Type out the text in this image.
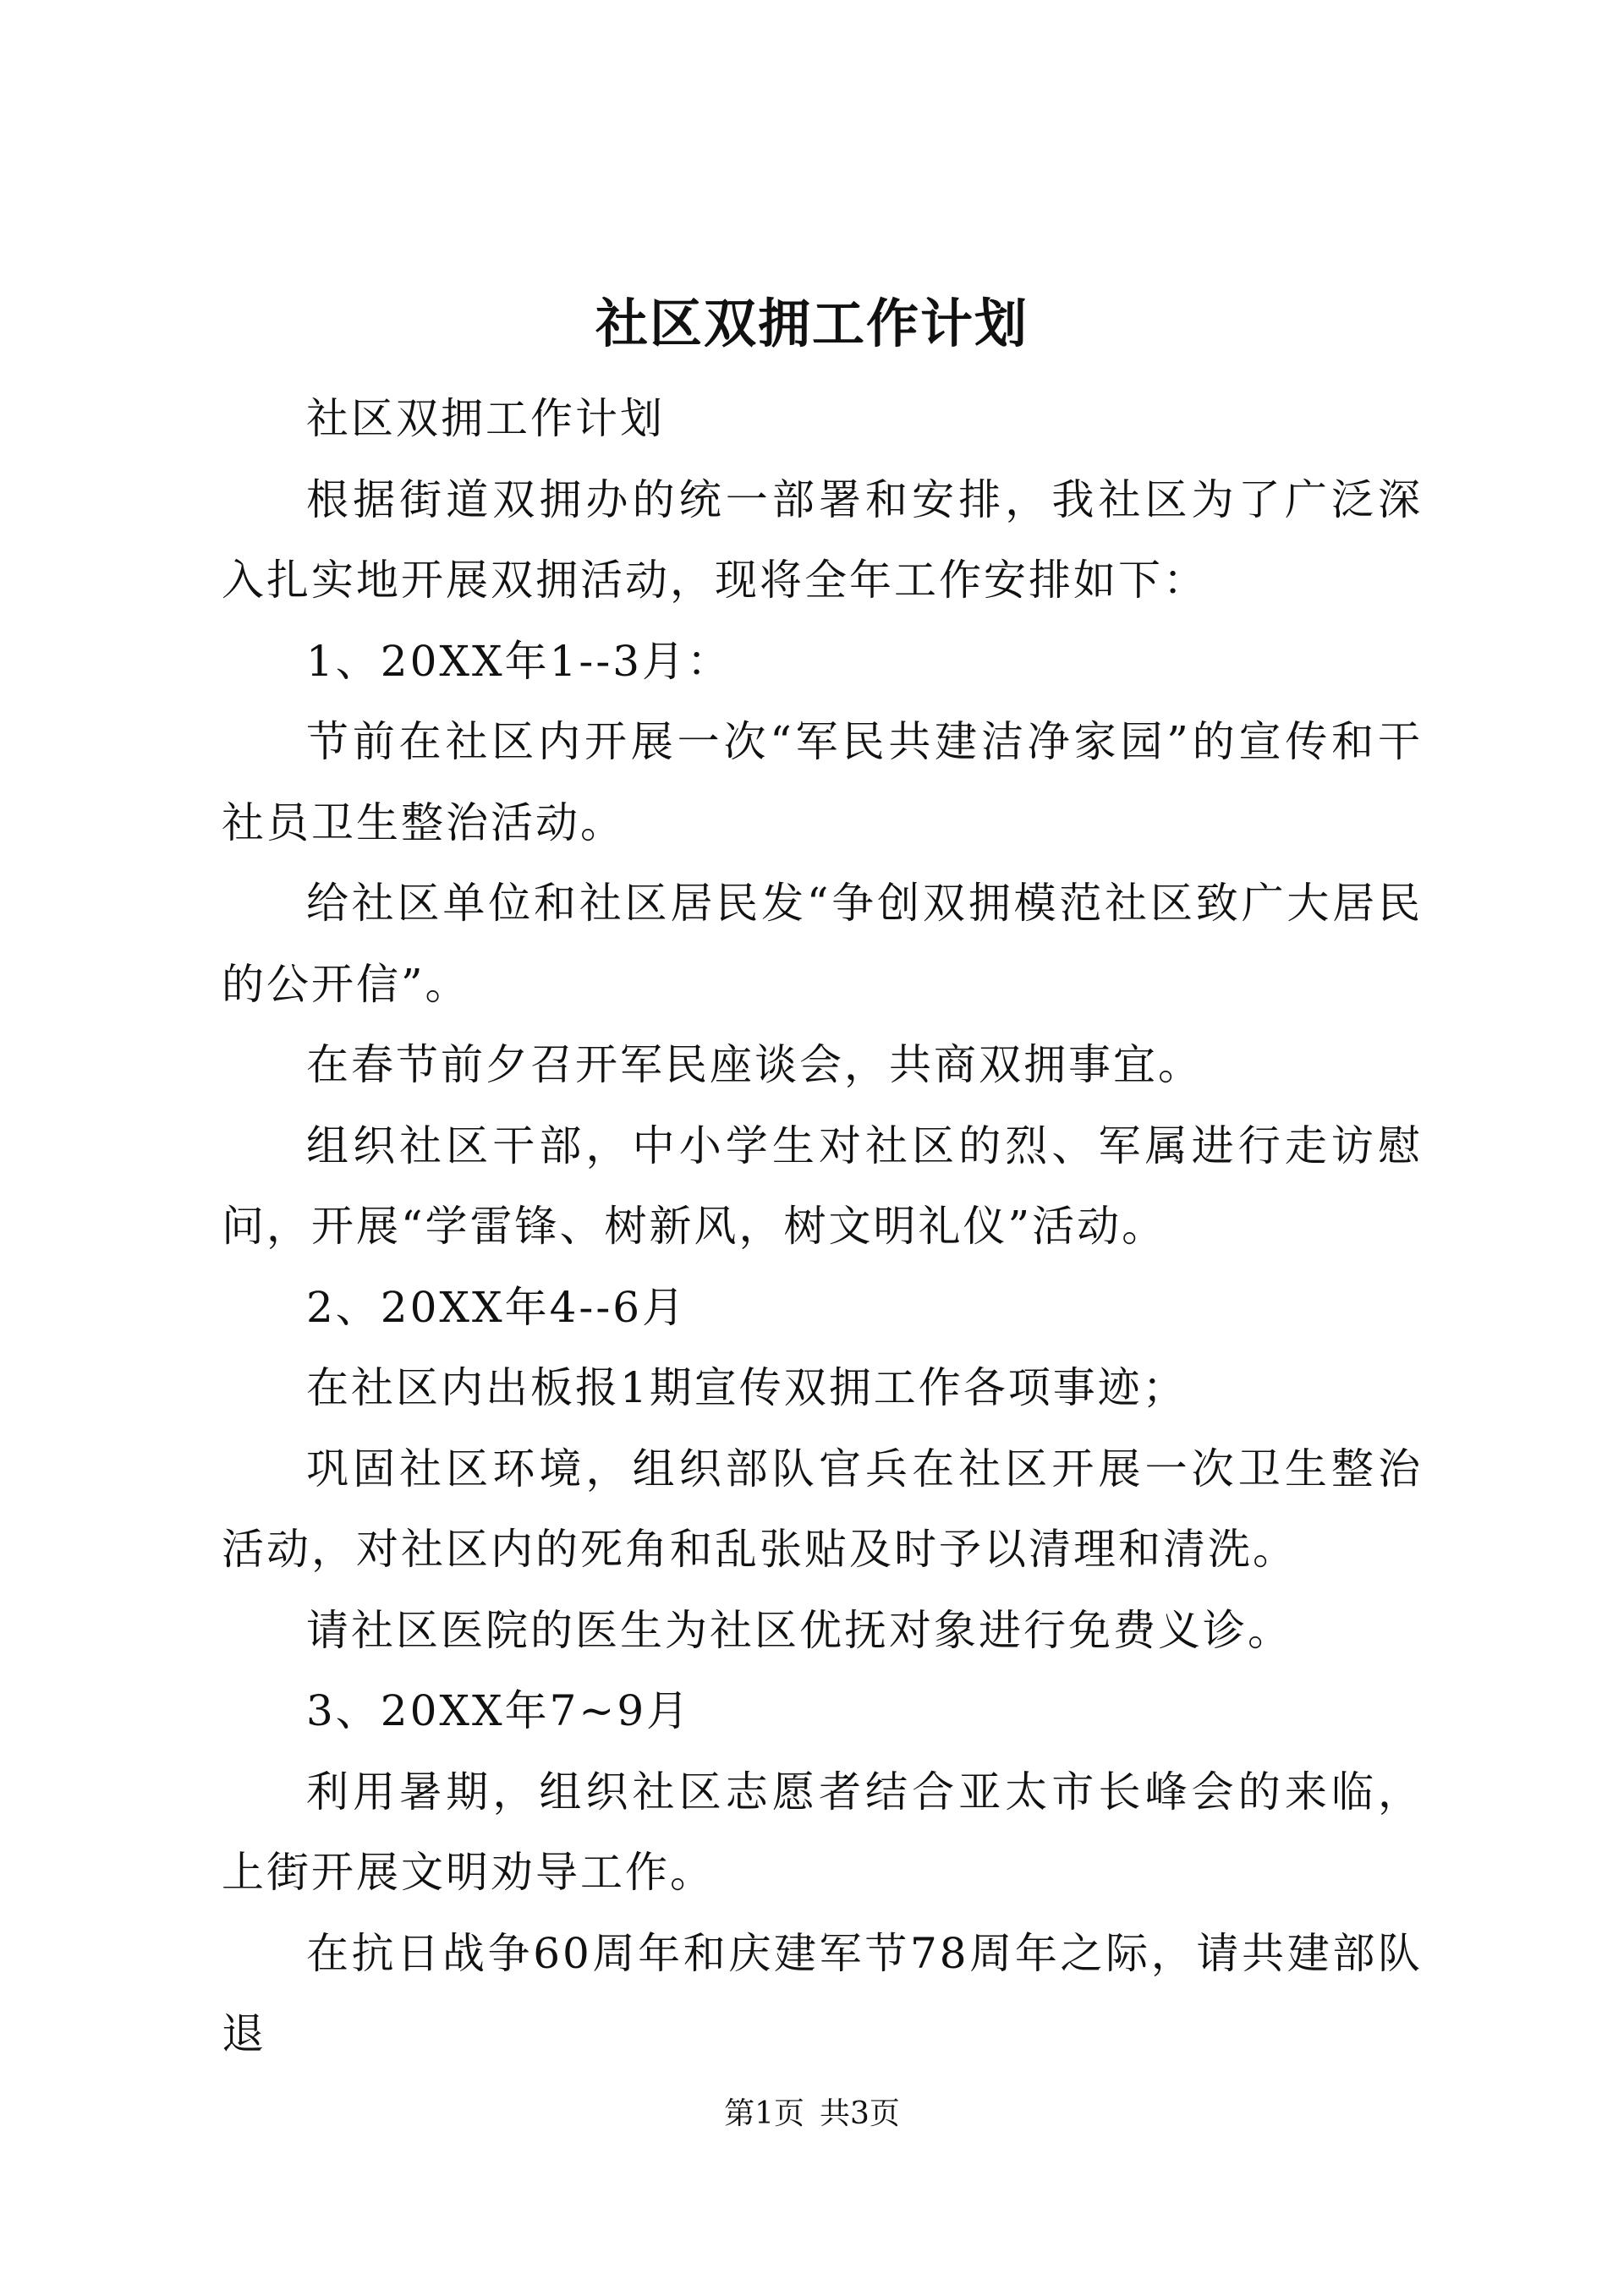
社区双拥工作计划

社区双拥工作计划

根据街道双拥办的统一部署和安排，我社区为了广泛深入扎实地开展双拥活动，现将全年工作安排如下：

1、20XX年1--3月：

节前在社区内开展一次“军民共建洁净家园”的宣传和干社员卫生整治活动。

给社区单位和社区居民发“争创双拥模范社区致广大居民的公开信”。

在春节前夕召开军民座谈会，共商双拥事宜。

组织社区干部，中小学生对社区的烈、军属进行走访慰问，开展“学雷锋、树新风，树文明礼仪”活动。

2、20XX年4--6月

在社区内出板报1期宣传双拥工作各项事迹；

巩固社区环境，组织部队官兵在社区开展一次卫生整治活动，对社区内的死角和乱张贴及时予以清理和清洗。

请社区医院的医生为社区优抚对象进行免费义诊。

3、20XX年7~9月

利用暑期，组织社区志愿者结合亚太市长峰会的来临，上街开展文明劝导工作。

在抗日战争60周年和庆建军节78周年之际，请共建部队退

第1页 共3页
